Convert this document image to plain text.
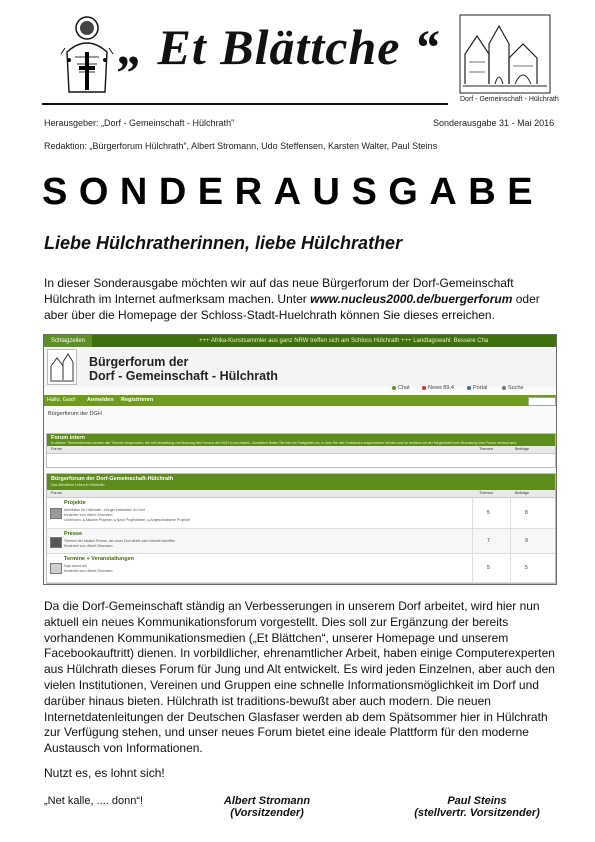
„ Et Blättche “
Dorf - Gemeinschaft - Hülchrath
Herausgeber: „Dorf - Gemeinschaft - Hülchrath”	Sonderausgabe 31 - Mai 2016
Redaktion: „Bürgerforum Hülchrath”, Albert Stromann, Udo Steffensen, Karsten Walter, Paul Steins
SONDERAUSGABE
Liebe Hülchratherinnen, liebe Hülchrather
In dieser Sonderausgabe möchten wir auf das neue Bürgerforum der Dorf-Gemeinschaft Hülchrath im Internet aufmerksam machen. Unter www.nucleus2000.de/buergerforum oder aber über die Homepage der Schloss-Stadt-Huelchrath können Sie dieses erreichen.
Schlagzeilen	+++ Afrika-Kunstsammler aus ganz NRW treffen sich am Schloss Hülchrath +++ Landtagswahl: Bessere Cha
Bürgerforum der
Dorf - Gemeinschaft - Hülchrath
Chat	News 89,4	Portal	Suche
Hallo, Gast! Anmelden Registrieren
Bürgerforum der DGH
Forum intern
In diesem Themenbereich werden alle Themen besprochen, die mit Verwaltung und Nutzung des Forums der DGH zu tun haben. Zusätzlich finden Sie hier ein Testgebiet um, in dem Sie alle Funktionen ausprobieren können und so bestens mit der Möglichkeit Ihrer Benutzung zum Forum vertraut sind.
Forum	Themen	Beiträge
Bürgerforum der Dorf-Gemeinschaft-Hülchrath
Das öffentliche Leben in Hülchrath
Forum	Themen	Beiträge
Projekte
Aktivitäten für Hülchrath - Bürger entwickeln Ihr Dorf
Moderiert von: Albert Stromann
Unterforen: ● Aktuelle Projekte, ● Neue Projektideen, ● Abgeschlossene Projekte
5	8
Presse
Themen der lokalen Presse, die unser Dorf direkt oder indirekt betreffen
Moderiert von: Albert Stromann
7	9
Termine + Veranstaltungen
Kapt kannt nix!
Moderiert von: Albert Stromann	5	5
Da die Dorf-Gemeinschaft ständig an Verbesserungen in unserem Dorf arbeitet, wird hier nun aktuell ein neues Kommunikationsforum vorgestellt. Dies soll zur Ergänzung der bereits vorhandenen Kommunikationsmedien („Et Blättchen“, unserer Homepage und unserem Facebookauftritt) dienen. In vorbildlicher, ehrenamtlicher Arbeit, haben einige Computerexperten aus Hülchrath dieses Forum für Jung und Alt entwickelt. Es wird jeden Einzelnen, aber auch den vielen Institutionen, Vereinen und Gruppen eine schnelle Informationsmöglichkeit im Dorf und darüber hinaus bieten. Hülchrath ist traditions-bewußt aber auch modern. Die neuen Internetdatenleitungen der Deutschen Glasfaser werden ab dem Spätsommer hier in Hülchrath zur Verfügung stehen, und unser neues Forum bietet eine ideale Plattform für den moderne Austausch von Informationen.
Nutzt es, es lohnt sich!
„Net kalle, .... donn“!	Albert Stromann
(Vorsitzender)
Paul Steins
(stellvertr. Vorsitzender)
